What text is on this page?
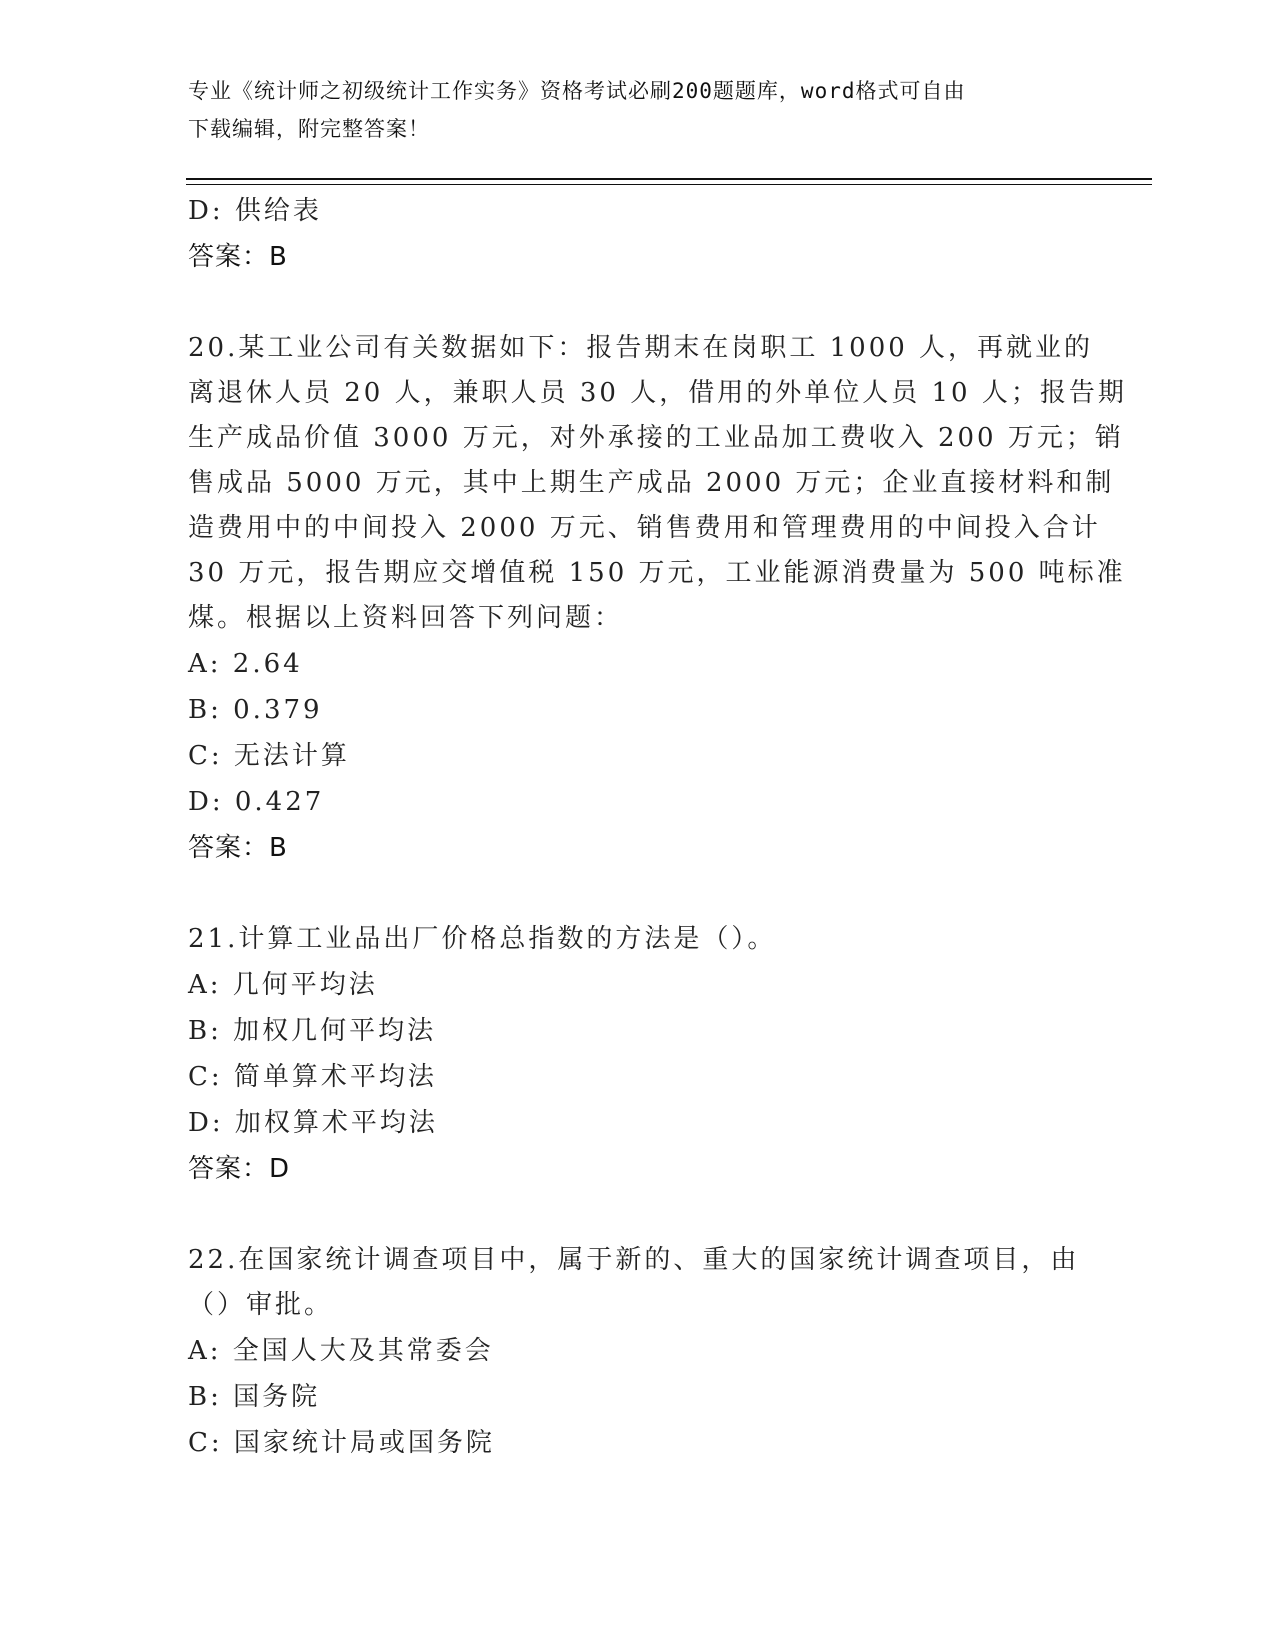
专业《统计师之初级统计工作实务》资格考试必刷200题题库，word格式可自由
下载编辑，附完整答案！
D: 供给表
答案：B
20.某工业公司有关数据如下：报告期末在岗职工 1000 人，再就业的
离退休人员 20 人，兼职人员 30 人，借用的外单位人员 10 人；报告期
生产成品价值 3000 万元，对外承接的工业品加工费收入 200 万元；销
售成品 5000 万元，其中上期生产成品 2000 万元；企业直接材料和制
造费用中的中间投入 2000 万元、销售费用和管理费用的中间投入合计
30 万元，报告期应交增值税 150 万元，工业能源消费量为 500 吨标准
煤。根据以上资料回答下列问题：
A: 2.64
B: 0.379
C: 无法计算
D: 0.427
答案：B
21.计算工业品出厂价格总指数的方法是（）。
A: 几何平均法
B: 加权几何平均法
C: 简单算术平均法
D: 加权算术平均法
答案：D
22.在国家统计调查项目中，属于新的、重大的国家统计调查项目，由
（）审批。
A: 全国人大及其常委会
B: 国务院
C: 国家统计局或国务院
